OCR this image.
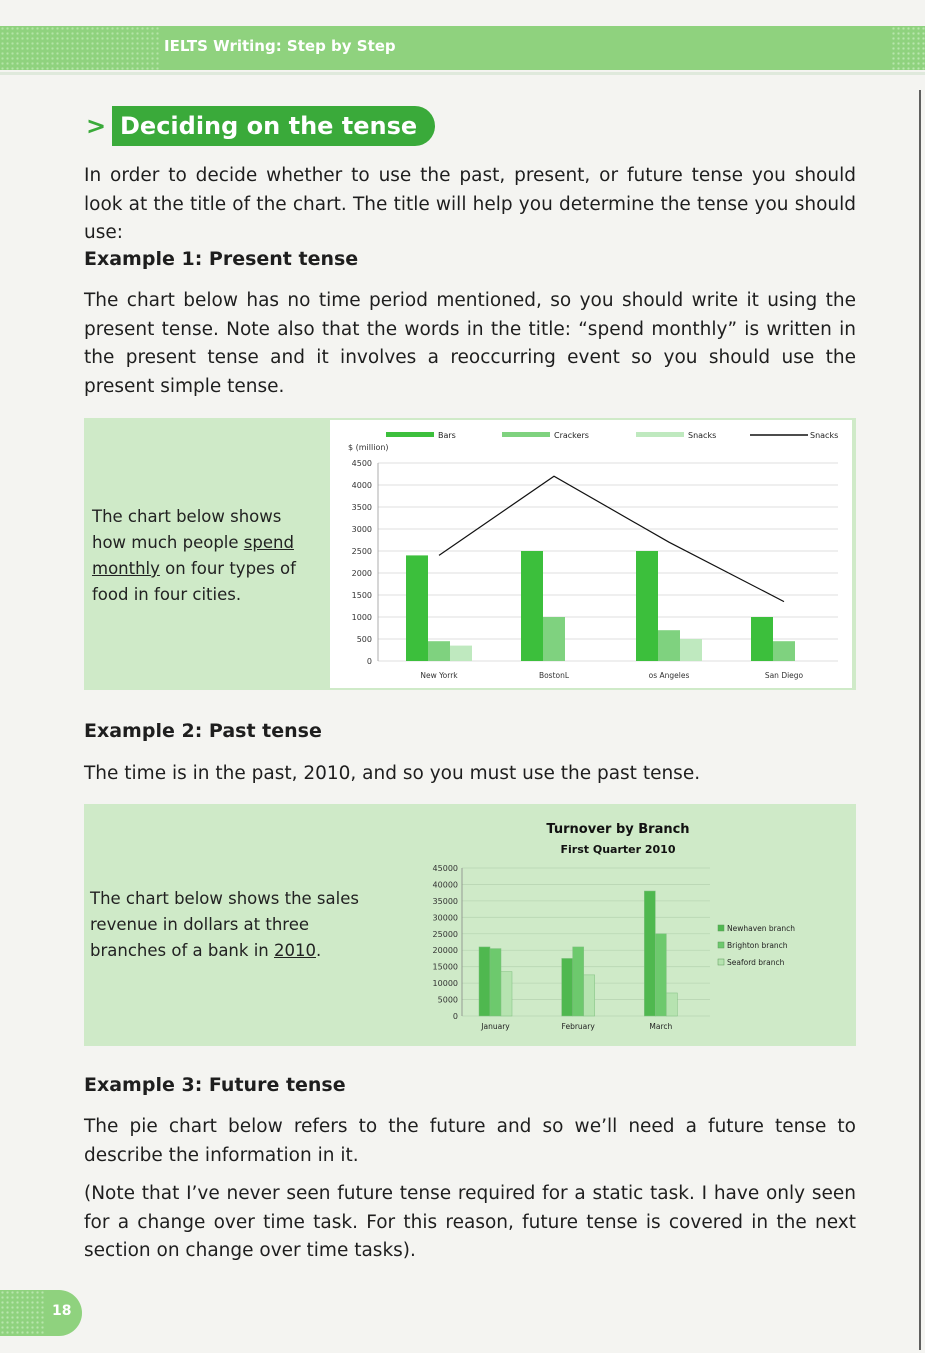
IELTS Writing: Step by Step
> Deciding on the tense
In order to decide whether to use the past, present, or future tense you should look at the title of the chart. The title will help you determine the tense you should use:
Example 1: Present tense
The chart below has no time period mentioned, so you should write it using the present tense. Note also that the words in the title: “spend monthly” is written in the present tense and it involves a reoccurring event so you should use the present simple tense.
The chart below shows how much people spend monthly on four types of food in four cities.
0
500
1000
1500
2000
2500
3000
3500
4000
4500
$ (million)
New Yorrk	BostonL	os Angeles	San Diego
Bars	Crackers	Snacks	Snacks
Example 2: Past tense
The time is in the past, 2010, and so you must use the past tense.
The chart below shows the sales revenue in dollars at three branches of a bank in 2010.
Turnover by Branch
First Quarter 2010
0
5000
10000
15000
20000
25000
30000
35000
40000
45000
January	February	March
Newhaven branch
Brighton branch
Seaford branch
Example 3: Future tense
The pie chart below refers to the future and so we’ll need a future tense to describe the information in it.
(Note that I’ve never seen future tense required for a static task. I have only seen for a change over time task. For this reason, future tense is covered in the next section on change over time tasks).
18
